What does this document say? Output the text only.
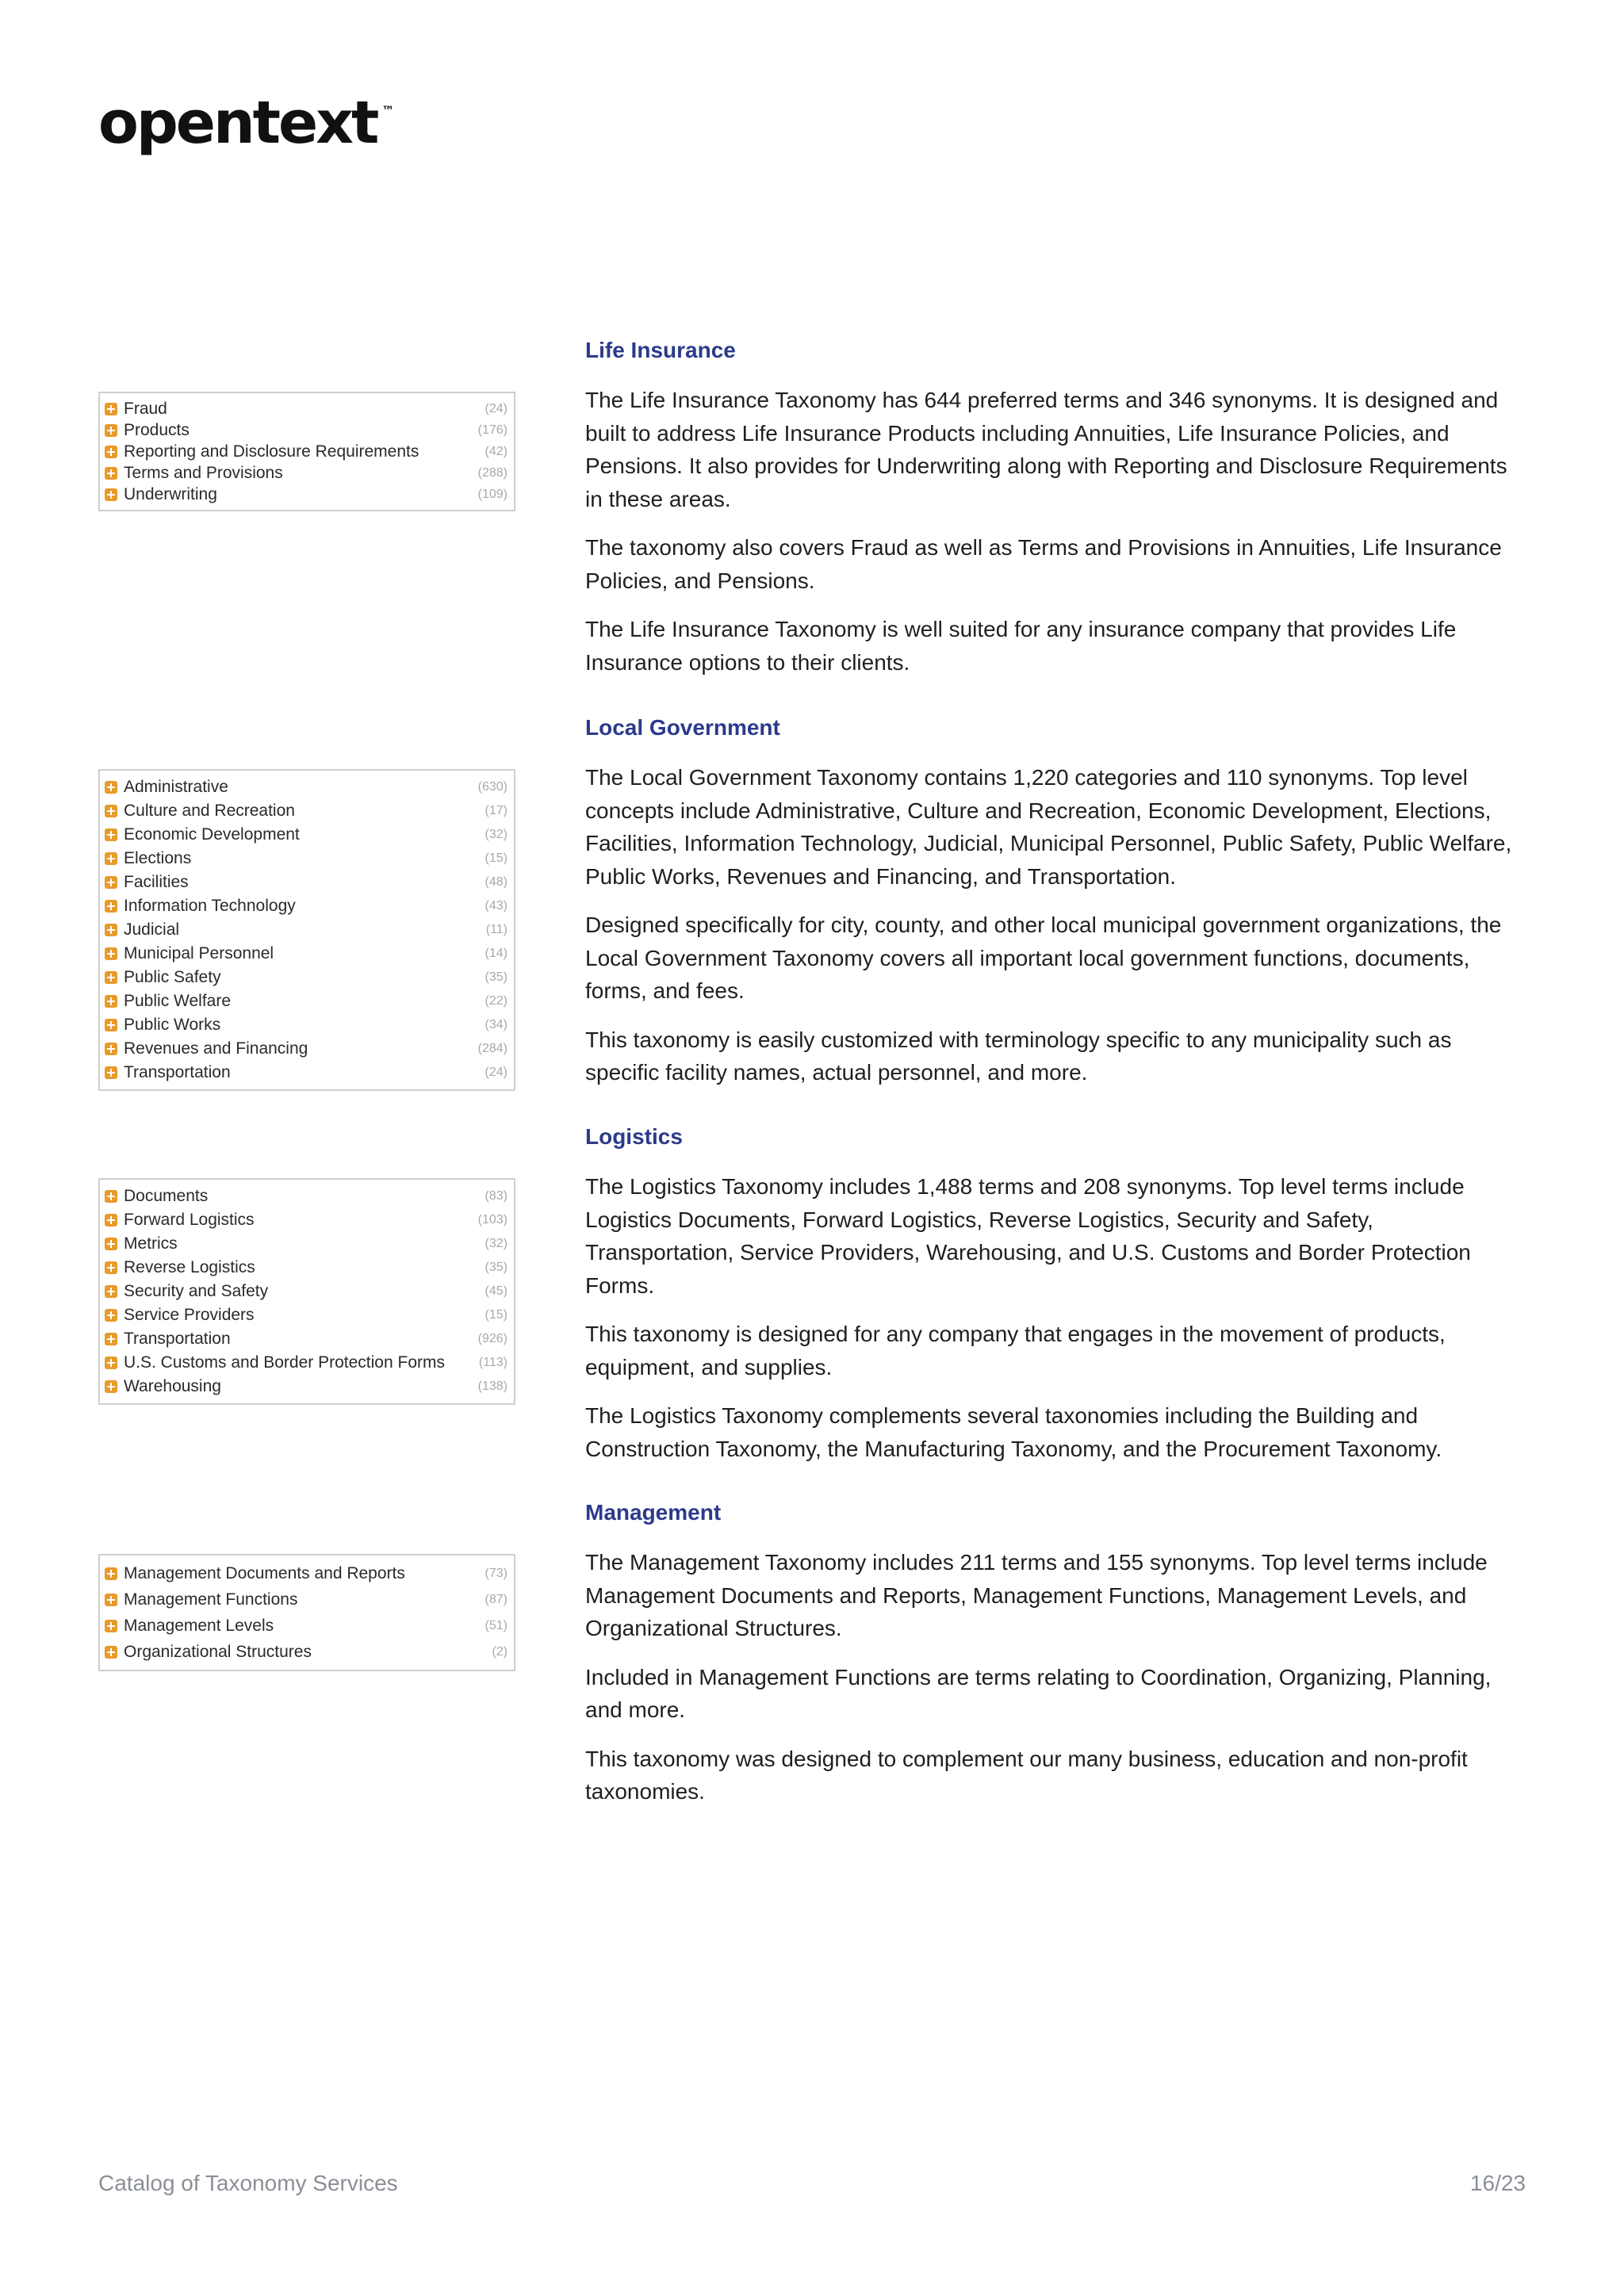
opentext ™
Fraud	(24)
Products	(176)
Reporting and Disclosure Requirements	(42)
Terms and Provisions	(288)
Underwriting	(109)
Life Insurance

The Life Insurance Taxonomy has 644 preferred terms and 346 synonyms. It is designed and built to address Life Insurance Products including Annuities, Life Insurance Policies, and Pensions. It also provides for Underwriting along with Reporting and Disclosure Requirements in these areas.

The taxonomy also covers Fraud as well as Terms and Provisions in Annuities, Life Insurance Policies, and Pensions.

The Life Insurance Taxonomy is well suited for any insurance company that provides Life Insurance options to their clients.

Administrative	(630)
Culture and Recreation	(17)
Economic Development	(32)
Elections	(15)
Facilities	(48)
Information Technology	(43)
Judicial	(11)
Municipal Personnel	(14)
Public Safety	(35)
Public Welfare	(22)
Public Works	(34)
Revenues and Financing	(284)
Transportation	(24)
Local Government

The Local Government Taxonomy contains 1,220 categories and 110 synonyms. Top level concepts include Administrative, Culture and Recreation, Economic Development, Elections, Facilities, Information Technology, Judicial, Municipal Personnel, Public Safety, Public Welfare, Public Works, Revenues and Financing, and Transportation.

Designed specifically for city, county, and other local municipal government organizations, the Local Government Taxonomy covers all important local government functions, documents, forms, and fees.

This taxonomy is easily customized with terminology specific to any municipality such as specific facility names, actual personnel, and more.

Documents	(83)
Forward Logistics	(103)
Metrics	(32)
Reverse Logistics	(35)
Security and Safety	(45)
Service Providers	(15)
Transportation	(926)
U.S. Customs and Border Protection Forms	(113)
Warehousing	(138)
Logistics

The Logistics Taxonomy includes 1,488 terms and 208 synonyms. Top level terms include Logistics Documents, Forward Logistics, Reverse Logistics, Security and Safety, Transportation, Service Providers, Warehousing, and U.S. Customs and Border Protection Forms.

This taxonomy is designed for any company that engages in the movement of products, equipment, and supplies.

The Logistics Taxonomy complements several taxonomies including the Building and Construction Taxonomy, the Manufacturing Taxonomy, and the Procurement Taxonomy.

Management Documents and Reports	(73)
Management Functions	(87)
Management Levels	(51)
Organizational Structures	(2)
Management

The Management Taxonomy includes 211 terms and 155 synonyms. Top level terms include Management Documents and Reports, Management Functions, Management Levels, and Organizational Structures.

Included in Management Functions are terms relating to Coordination, Organizing, Planning, and more.

This taxonomy was designed to complement our many business, education and non-profit taxonomies.

Catalog of Taxonomy Services	16/23
